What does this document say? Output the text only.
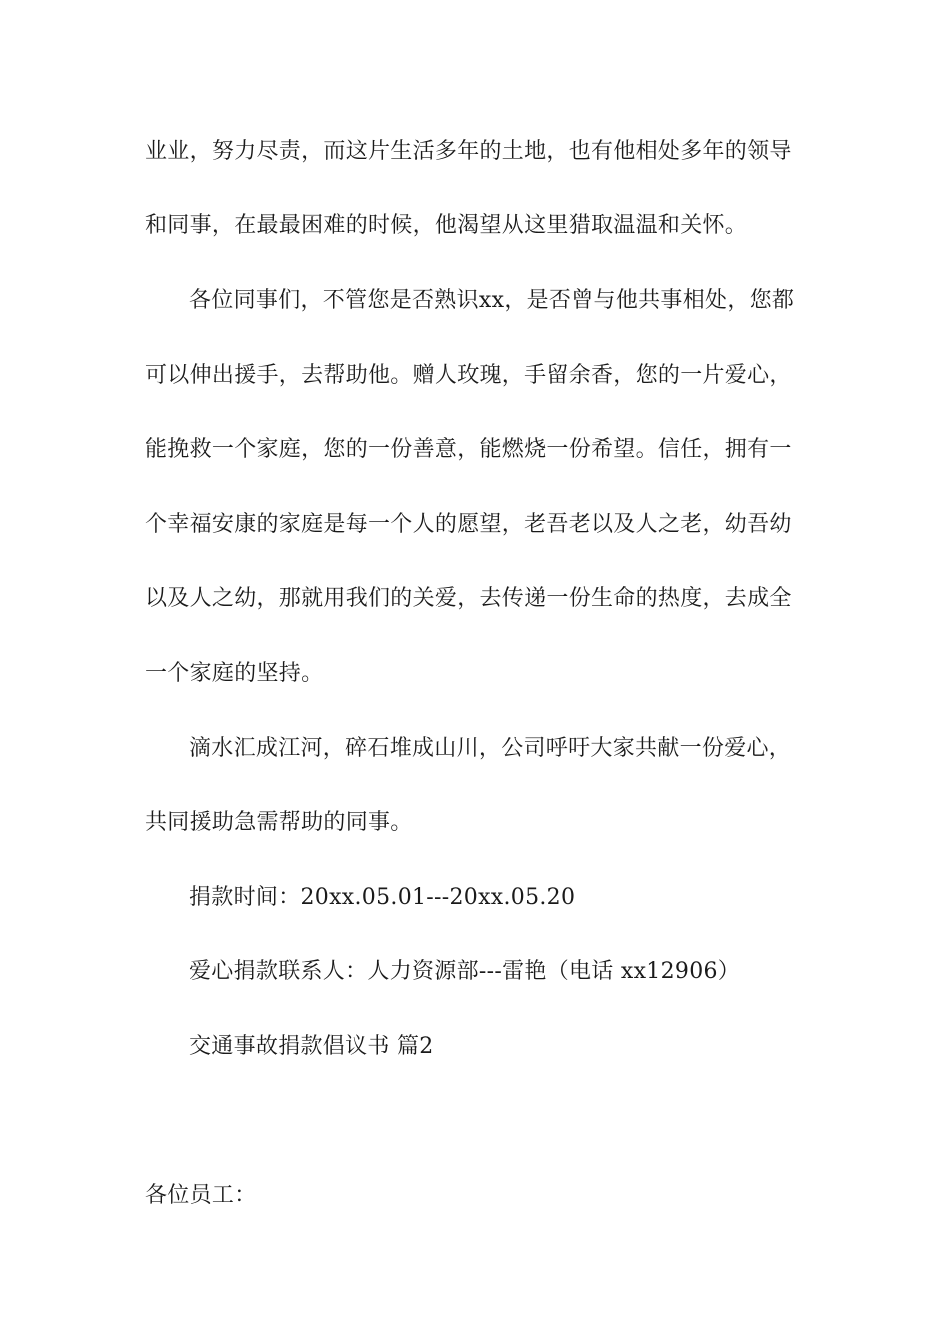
业业，努力尽责，而这片生活多年的土地，也有他相处多年的领导
和同事，在最最困难的时候，他渴望从这里猎取温温和关怀。
各位同事们，不管您是否熟识xx，是否曾与他共事相处，您都
可以伸出援手，去帮助他。赠人玫瑰，手留余香，您的一片爱心，
能挽救一个家庭，您的一份善意，能燃烧一份希望。信任，拥有一
个幸福安康的家庭是每一个人的愿望，老吾老以及人之老，幼吾幼
以及人之幼，那就用我们的关爱，去传递一份生命的热度，去成全
一个家庭的坚持。
滴水汇成江河，碎石堆成山川，公司呼吁大家共献一份爱心，
共同援助急需帮助的同事。
捐款时间：20xx.05.01---20xx.05.20
爱心捐款联系人：人力资源部---雷艳（电话 xx12906）
交通事故捐款倡议书 篇2
各位员工：
